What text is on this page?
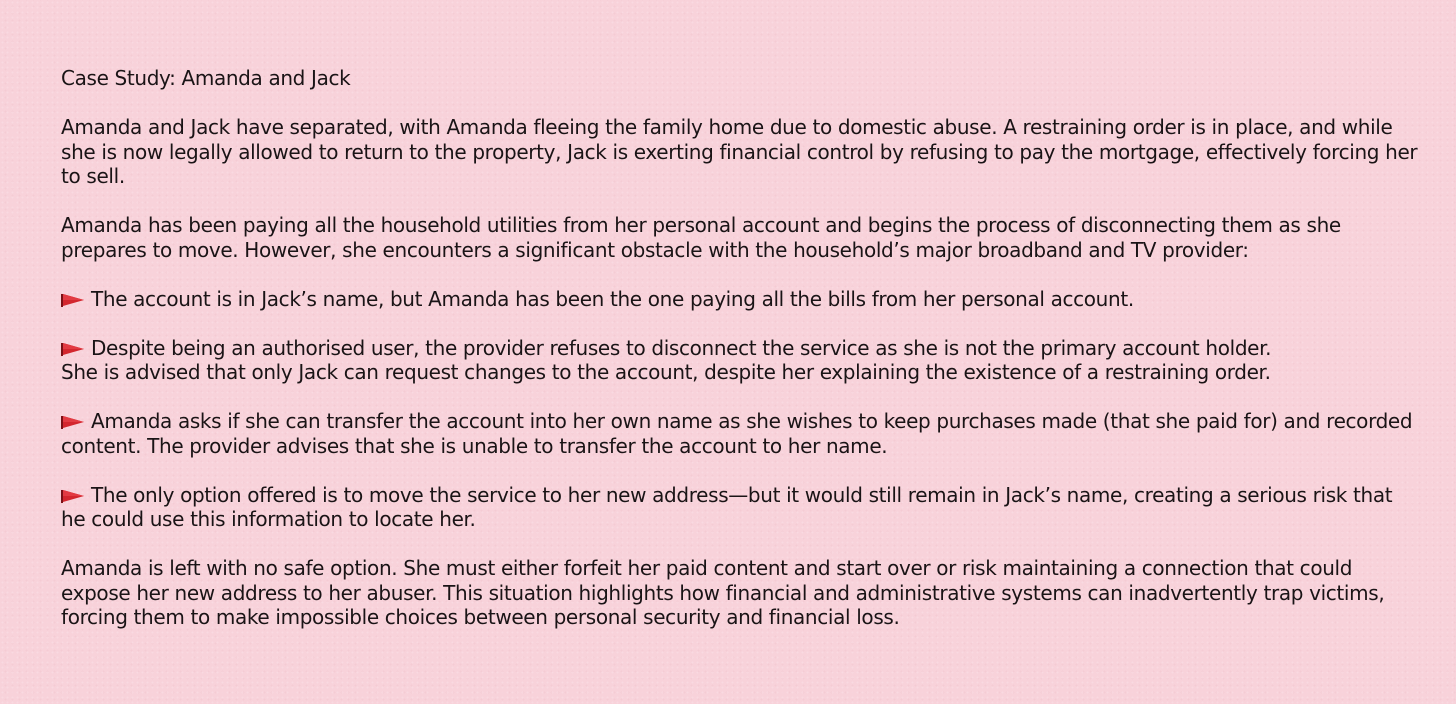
Case Study: Amanda and Jack

Amanda and Jack have separated, with Amanda fleeing the family home due to domestic abuse. A restraining order is in place, and while she is now legally allowed to return to the property, Jack is exerting financial control by refusing to pay the mortgage, effectively forcing her to sell.

Amanda has been paying all the household utilities from her personal account and begins the process of disconnecting them as she prepares to move. However, she encounters a significant obstacle with the household’s major broadband and TV provider:

The account is in Jack’s name, but Amanda has been the one paying all the bills from her personal account.

Despite being an authorised user, the provider refuses to disconnect the service as she is not the primary account holder.
She is advised that only Jack can request changes to the account, despite her explaining the existence of a restraining order.

Amanda asks if she can transfer the account into her own name as she wishes to keep purchases made (that she paid for) and recorded content. The provider advises that she is unable to transfer the account to her name.

The only option offered is to move the service to her new address—but it would still remain in Jack’s name, creating a serious risk that he could use this information to locate her.

Amanda is left with no safe option. She must either forfeit her paid content and start over or risk maintaining a connection that could expose her new address to her abuser. This situation highlights how financial and administrative systems can inadvertently trap victims, forcing them to make impossible choices between personal security and financial loss.
